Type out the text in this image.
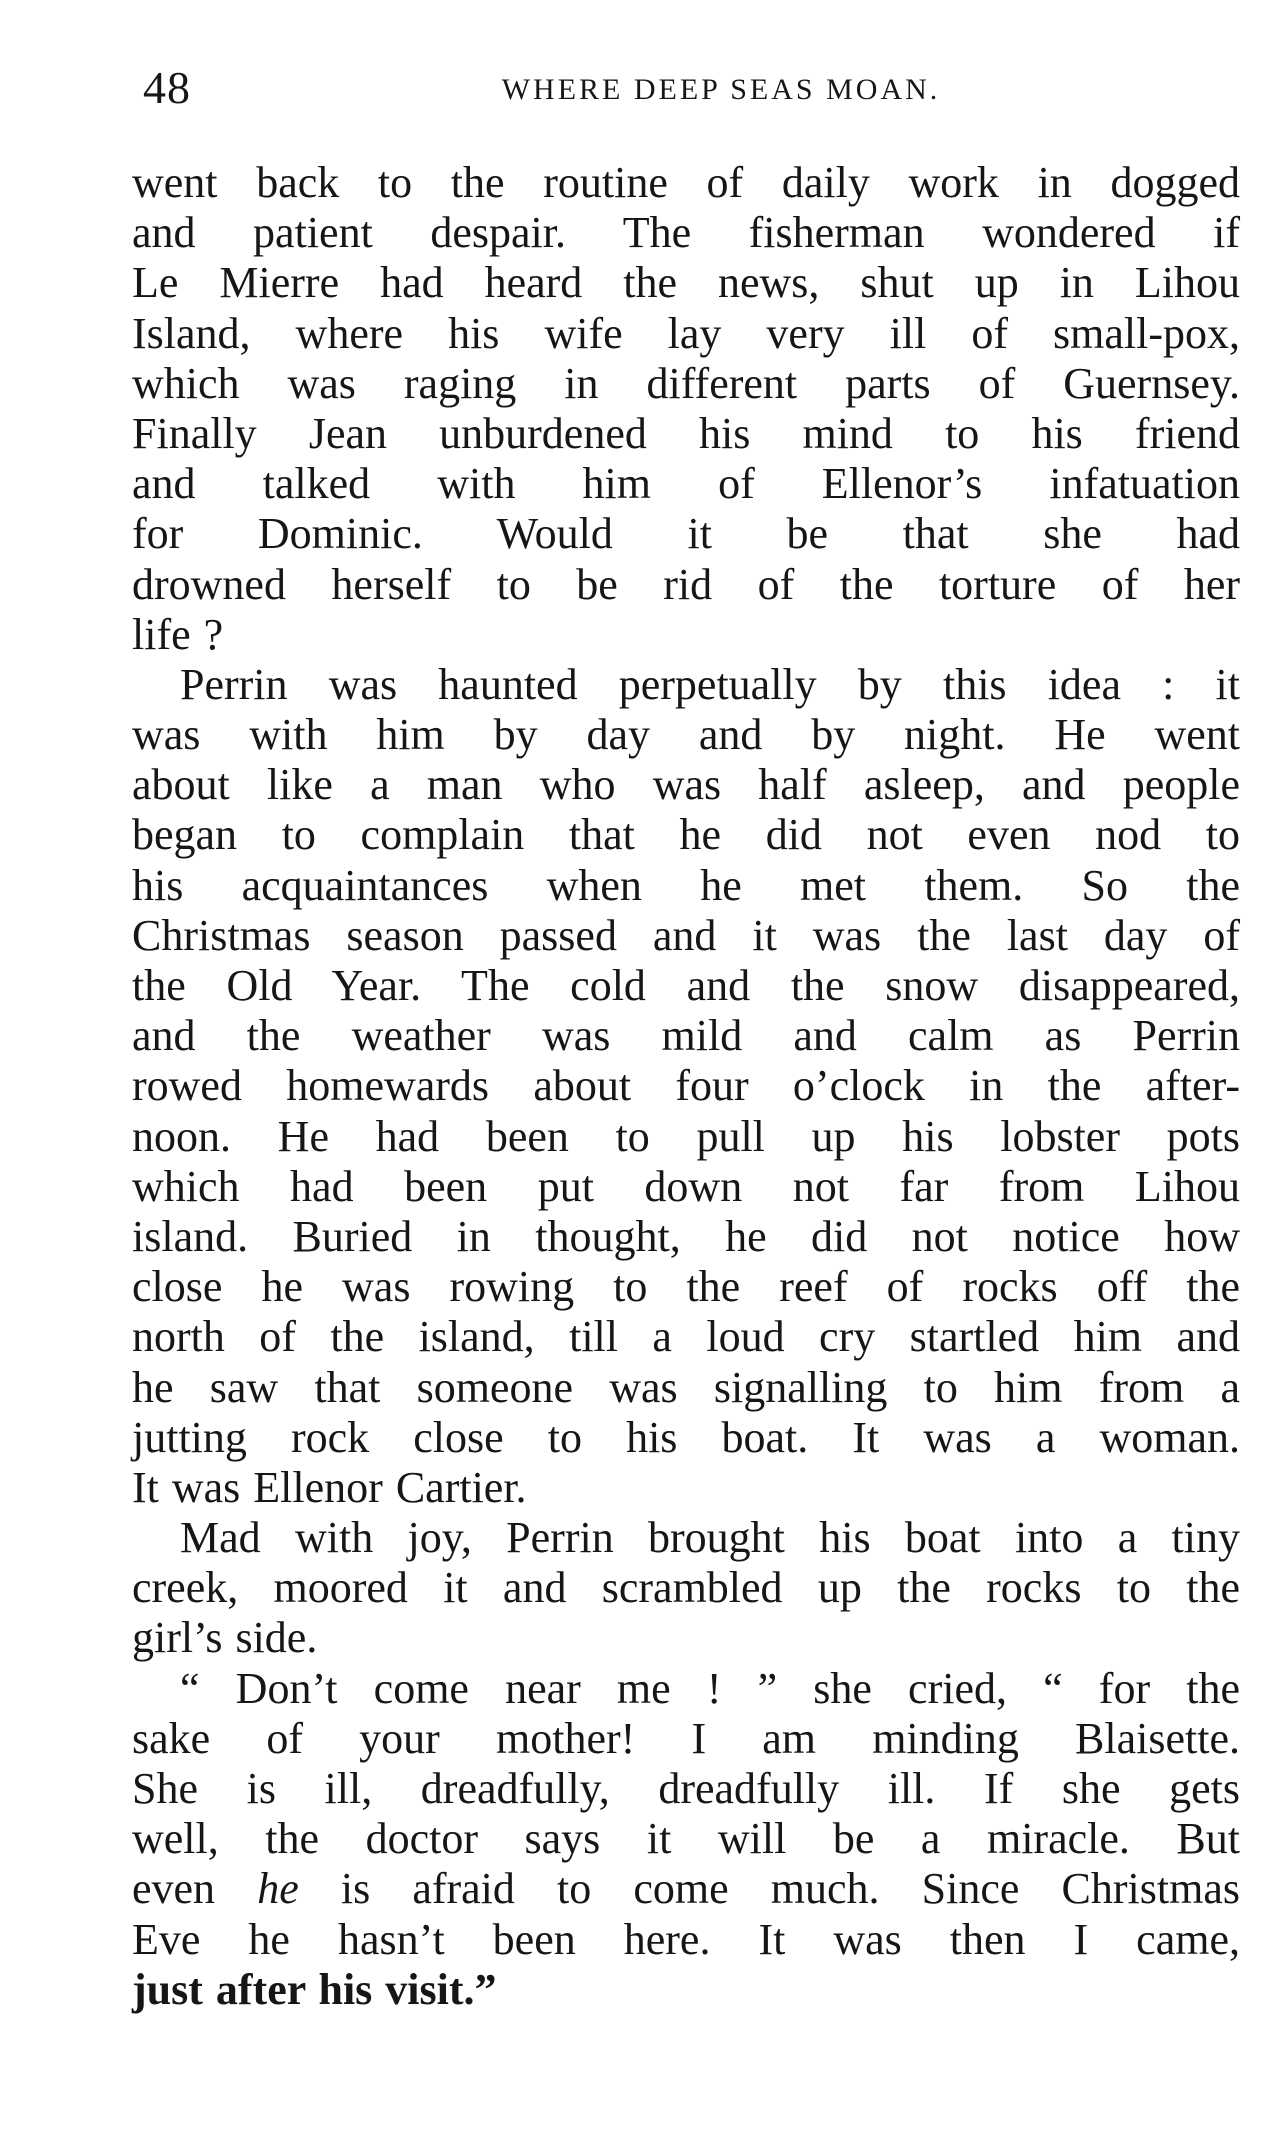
48	WHERE DEEP SEAS MOAN.
went back to the routine of daily work in dogged
and patient despair. The fisherman wondered if
Le Mierre had heard the news, shut up in Lihou
Island, where his wife lay very ill of small-pox,
which was raging in different parts of Guernsey.
Finally Jean unburdened his mind to his friend
and talked with him of Ellenor’s infatuation
for Dominic. Would it be that she had
drowned herself to be rid of the torture of her
life ?
Perrin was haunted perpetually by this idea : it
was with him by day and by night. He went
about like a man who was half asleep, and people
began to complain that he did not even nod to
his acquaintances when he met them. So the
Christmas season passed and it was the last day of
the Old Year. The cold and the snow disappeared,
and the weather was mild and calm as Perrin
rowed homewards about four o’clock in the after-
noon. He had been to pull up his lobster pots
which had been put down not far from Lihou
island. Buried in thought, he did not notice how
close he was rowing to the reef of rocks off the
north of the island, till a loud cry startled him and
he saw that someone was signalling to him from a
jutting rock close to his boat. It was a woman.
It was Ellenor Cartier.
Mad with joy, Perrin brought his boat into a tiny
creek, moored it and scrambled up the rocks to the
girl’s side.
“ Don’t come near me ! ” she cried, “ for the
sake of your mother! I am minding Blaisette.
She is ill, dreadfully, dreadfully ill. If she gets
well, the doctor says it will be a miracle. But
even he is afraid to come much. Since Christmas
Eve he hasn’t been here. It was then I came,
just after his visit.”
